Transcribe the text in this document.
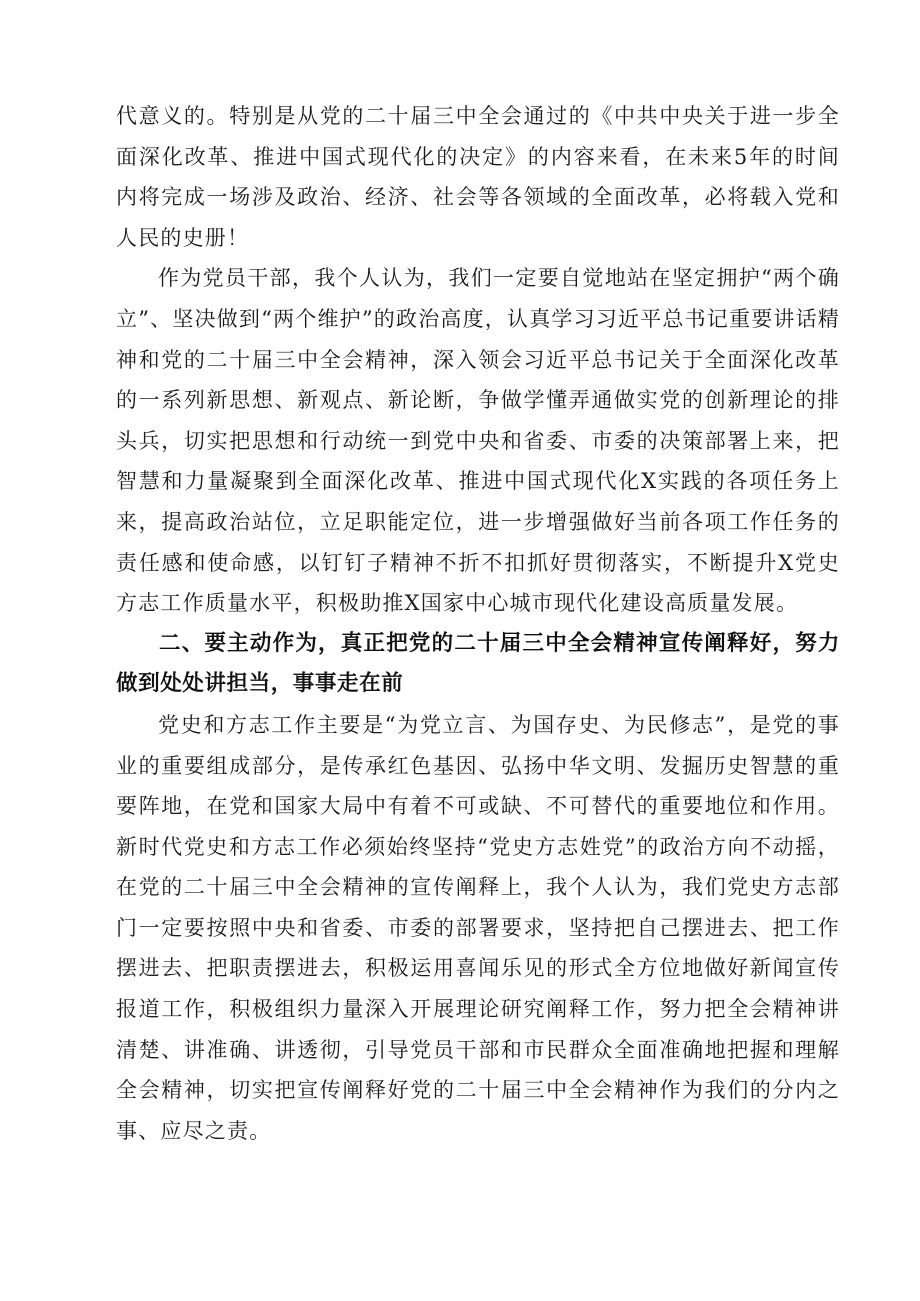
代意义的。特别是从党的二十届三中全会通过的《中共中央关于进一步全面深化改革、推进中国式现代化的决定》的内容来看，在未来5年的时间内将完成一场涉及政治、经济、社会等各领域的全面改革，必将载入党和人民的史册！

作为党员干部，我个人认为，我们一定要自觉地站在坚定拥护“两个确立”、坚决做到“两个维护”的政治高度，认真学习习近平总书记重要讲话精神和党的二十届三中全会精神，深入领会习近平总书记关于全面深化改革的一系列新思想、新观点、新论断，争做学懂弄通做实党的创新理论的排头兵，切实把思想和行动统一到党中央和省委、市委的决策部署上来，把智慧和力量凝聚到全面深化改革、推进中国式现代化X实践的各项任务上来，提高政治站位，立足职能定位，进一步增强做好当前各项工作任务的责任感和使命感，以钉钉子精神不折不扣抓好贯彻落实，不断提升X党史方志工作质量水平，积极助推X国家中心城市现代化建设高质量发展。

二、要主动作为，真正把党的二十届三中全会精神宣传阐释好，努力做到处处讲担当，事事走在前

党史和方志工作主要是“为党立言、为国存史、为民修志”，是党的事业的重要组成部分，是传承红色基因、弘扬中华文明、发掘历史智慧的重要阵地，在党和国家大局中有着不可或缺、不可替代的重要地位和作用。新时代党史和方志工作必须始终坚持“党史方志姓党”的政治方向不动摇，在党的二十届三中全会精神的宣传阐释上，我个人认为，我们党史方志部门一定要按照中央和省委、市委的部署要求，坚持把自己摆进去、把工作摆进去、把职责摆进去，积极运用喜闻乐见的形式全方位地做好新闻宣传报道工作，积极组织力量深入开展理论研究阐释工作，努力把全会精神讲清楚、讲准确、讲透彻，引导党员干部和市民群众全面准确地把握和理解全会精神，切实把宣传阐释好党的二十届三中全会精神作为我们的分内之事、应尽之责。
